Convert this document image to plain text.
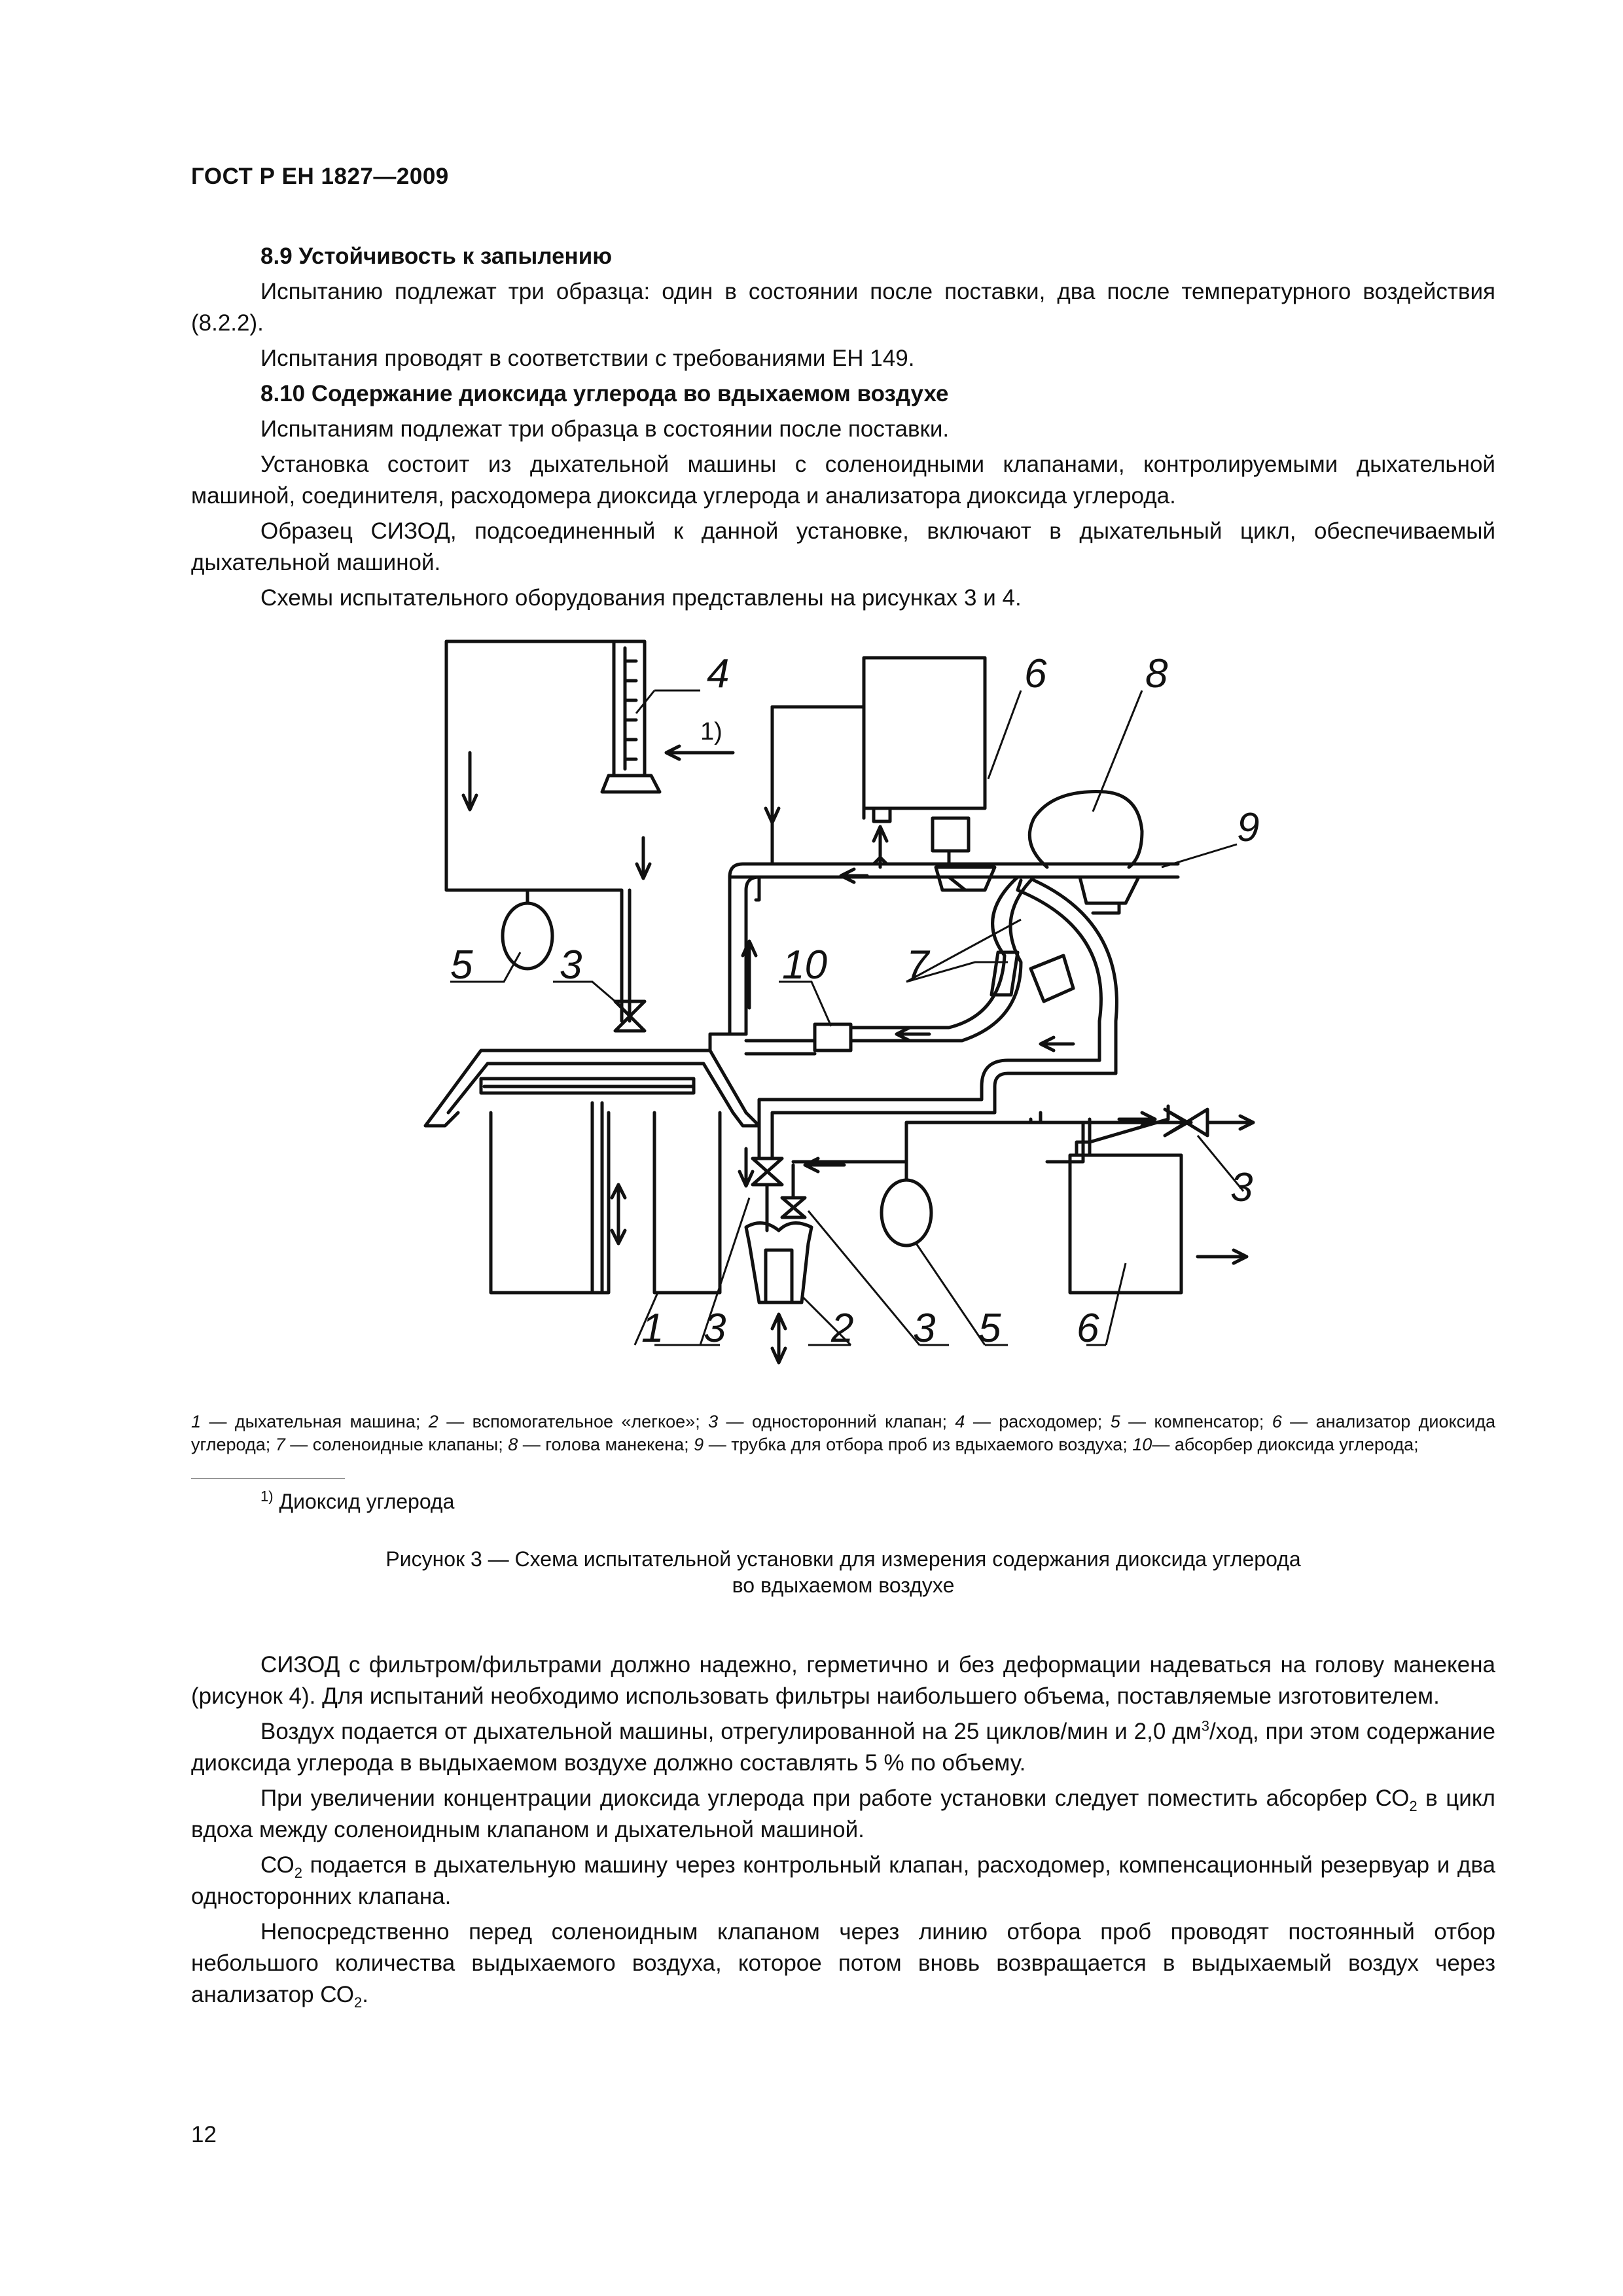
ГОСТ Р ЕН 1827—2009
8.9 Устойчивость к запылению
Испытанию подлежат три образца: один в состоянии после поставки, два после температурного воздействия (8.2.2).
Испытания проводят в соответствии с требованиями ЕН 149.
8.10 Содержание диоксида углерода во вдыхаемом воздухе
Испытаниям подлежат три образца в состоянии после поставки.
Установка состоит из дыхательной машины с соленоидными клапанами, контролируемыми дыхательной машиной, соединителя, расходомера диоксида углерода и анализатора диоксида углерода.
Образец СИЗОД, подсоединенный к данной установке, включают в дыхательный цикл, обеспечиваемый дыхательной машиной.
Схемы испытательного оборудования представлены на рисунках 3 и 4.
4
1)
6 8
9
5 3	10 7
1 3	2 3 5 6
3
1 — дыхательная машина; 2 — вспомогательное «легкое»; 3 — односторонний клапан; 4 — расходомер; 5 — компенсатор; 6 — анализатор диоксида углерода; 7 — соленоидные клапаны; 8 — голова манекена; 9 — трубка для отбора проб из вдыхаемого воздуха; 10— абсорбер диоксида углерода;
$^{1)}$ Диоксид углерода
Рисунок 3 — Схема испытательной установки для измерения содержания диоксида углерода
во вдыхаемом воздухе
СИЗОД с фильтром/фильтрами должно надежно, герметично и без деформации надеваться на голову манекена (рисунок 4). Для испытаний необходимо использовать фильтры наибольшего объема, поставляемые изготовителем.
Воздух подается от дыхательной машины, отрегулированной на 25 циклов/мин и 2,0 $дм^3$/ход, при этом содержание диоксида углерода в выдыхаемом воздухе должно составлять 5 % по объему.
При увеличении концентрации диоксида углерода при работе установки следует поместить абсорбер $СО_2$ в цикл вдоха между соленоидным клапаном и дыхательной машиной.
$СО_2$ подается в дыхательную машину через контрольный клапан, расходомер, компенсационный резервуар и два односторонних клапана.
Непосредственно перед соленоидным клапаном через линию отбора проб проводят постоянный отбор небольшого количества выдыхаемого воздуха, которое потом вновь возвращается в выдыхаемый воздух через анализатор $СО_2$.
12
